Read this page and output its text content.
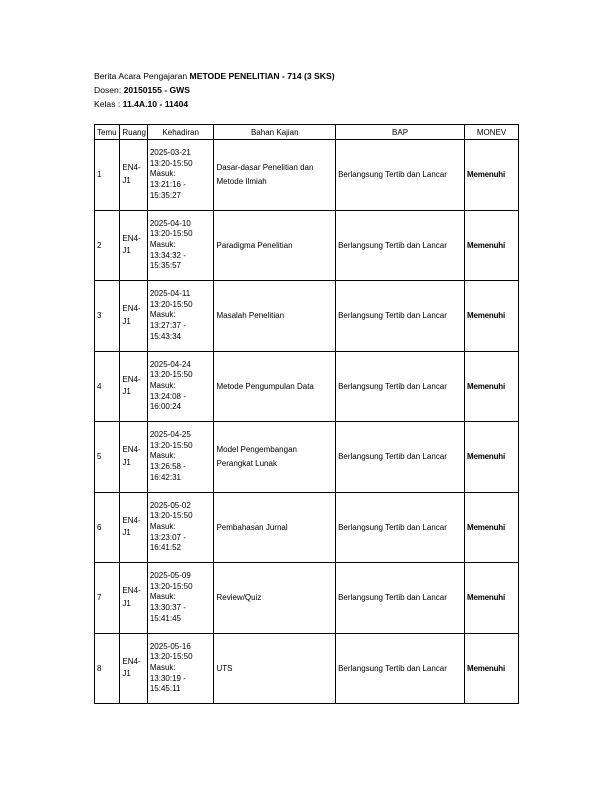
Berita Acara Pengajaran METODE PENELITIAN - 714 (3 SKS)
Dosen: 20150155 - GWS
Kelas : 11.4A.10 - 11404
Temu	Ruang	Kehadiran	Bahan Kajian	BAP	MONEV
1	EN4-J1	2025-03-21
13:20-15:50
Masuk:
13:21:16 -
15:35:27	Dasar-dasar Penelitian dan Metode Ilmiah	Berlangsung Tertib dan Lancar	Memenuhi
2	EN4-J1	2025-04-10
13:20-15:50
Masuk:
13:34:32 -
15:35:57	Paradigma Penelitian	Berlangsung Tertib dan Lancar	Memenuhi
3	EN4-J1	2025-04-11
13:20-15:50
Masuk:
13:27:37 -
15:43:34	Masalah Penelitian	Berlangsung Tertib dan Lancar	Memenuhi
4	EN4-J1	2025-04-24
13:20-15:50
Masuk:
13:24:08 -
16:00:24	Metode Pengumpulan Data	Berlangsung Tertib dan Lancar	Memenuhi
5	EN4-J1	2025-04-25
13:20-15:50
Masuk:
13:26:58 -
16:42:31	Model Pengembangan Perangkat Lunak	Berlangsung Tertib dan Lancar	Memenuhi
6	EN4-J1	2025-05-02
13:20-15:50
Masuk:
13:23:07 -
16:41:52	Pembahasan Jurnal	Berlangsung Tertib dan Lancar	Memenuhi
7	EN4-J1	2025-05-09
13:20-15:50
Masuk:
13:30:37 -
15:41:45	Review/Quiz	Berlangsung Tertib dan Lancar	Memenuhi
8	EN4-J1	2025-05-16
13:20-15:50
Masuk:
13:30:19 -
15:45:11	UTS	Berlangsung Tertib dan Lancar	Memenuhi
